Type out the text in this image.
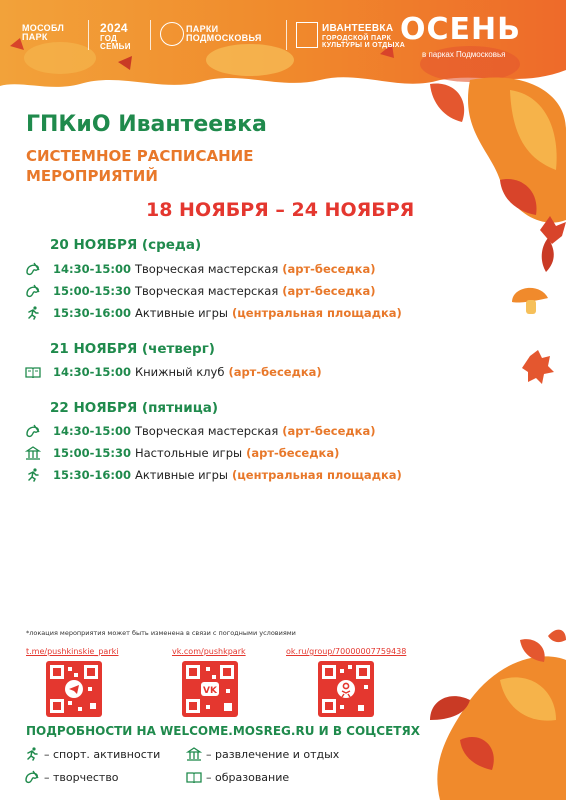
МОСОБЛ ПАРК
2024
ГОД СЕМЬИ
ПАРКИ ПОДМОСКОВЬЯ
ИВАНТЕЕВКА
ГОРОДСКОЙ ПАРК КУЛЬТУРЫ И ОТДЫХА
ОСЕНЬ
в парках Подмосковья
ГПКиО Ивантеевка
СИСТЕМНОЕ РАСПИСАНИЕ
МЕРОПРИЯТИЙ
18 НОЯБРЯ – 24 НОЯБРЯ
20 НОЯБРЯ (среда)
14:30-15:00 Творческая мастерская (арт-беседка)
15:00-15:30 Творческая мастерская (арт-беседка)
15:30-16:00 Активные игры (центральная площадка)
21 НОЯБРЯ (четверг)
14:30-15:00 Книжный клуб (арт-беседка)
22 НОЯБРЯ (пятница)
14:30-15:00 Творческая мастерская (арт-беседка)
15:00-15:30 Настольные игры (арт-беседка)
15:30-16:00 Активные игры (центральная площадка)
*локация мероприятия может быть изменена в связи с погодными условиями
t.me/pushkinskie_parki	vk.com/pushkpark	ok.ru/group/70000007759438
VK
ПОДРОБНОСТИ НА WELCOME.MOSREG.RU И В СОЦСЕТЯХ
– спорт. активности	– развлечение и отдых
– творчество	– образование
